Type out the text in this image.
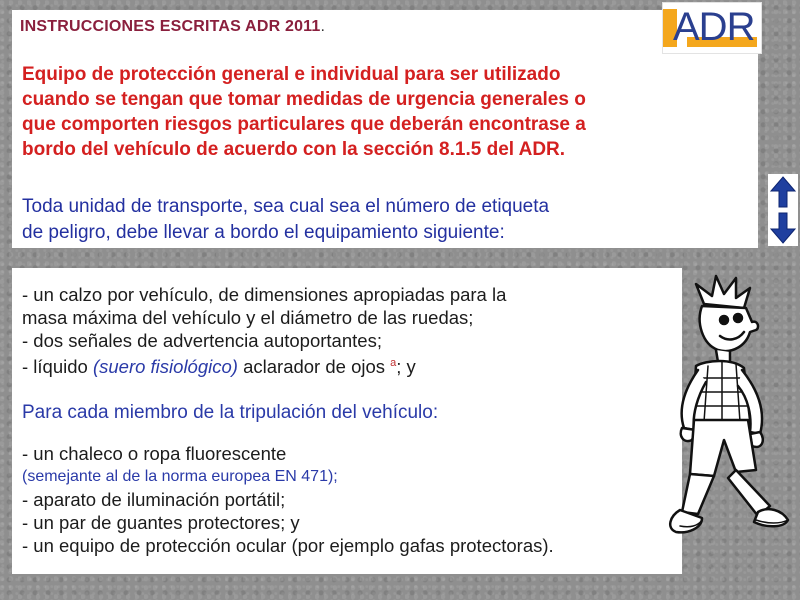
INSTRUCCIONES ESCRITAS ADR 2011.	ADR
Equipo de protección general e individual para ser utilizado
cuando se tengan que tomar medidas de urgencia generales o
que comporten riesgos particulares que deberán encontrase a
bordo del vehículo de acuerdo con la sección 8.1.5 del ADR.
Toda unidad de transporte, sea cual sea el número de etiqueta
de peligro, debe llevar a bordo el equipamiento siguiente:
- un calzo por vehículo, de dimensiones apropiadas para la
masa máxima del vehículo y el diámetro de las ruedas;
- dos señales de advertencia autoportantes;
- líquido (suero fisiológico) aclarador de ojos $^a$; y
Para cada miembro de la tripulación del vehículo:
- un chaleco o ropa fluorescente
(semejante al de la norma europea EN 471);
- aparato de iluminación portátil;
- un par de guantes protectores; y
- un equipo de protección ocular (por ejemplo gafas protectoras).
